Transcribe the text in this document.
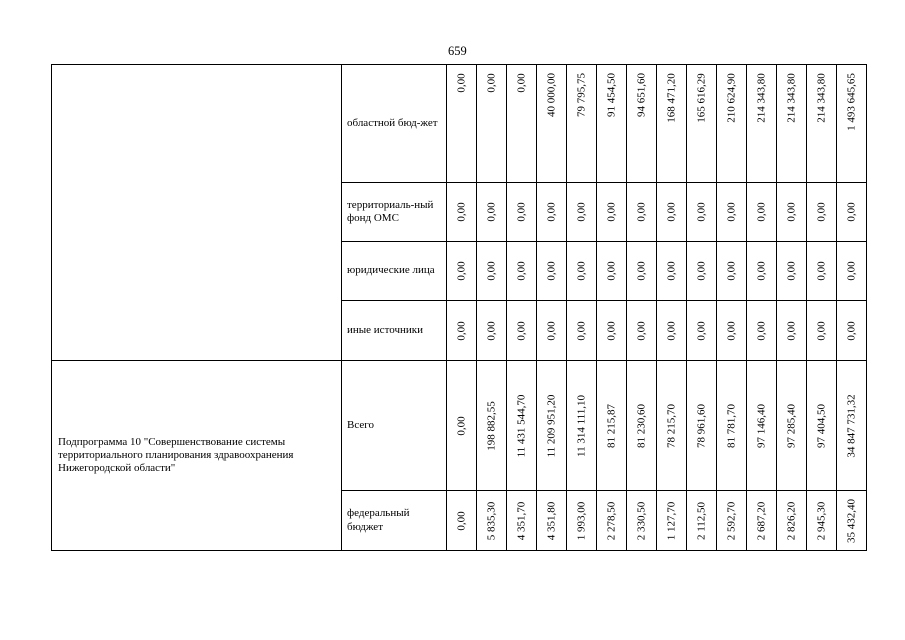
659
	областной бюд-жет	0,00	0,00	0,00	40 000,00	79 795,75	91 454,50	94 651,60	168 471,20	165 616,29	210 624,90	214 343,80	214 343,80	214 343,80	1 493 645,65

	территориаль-ный фонд ОМС	0,00	0,00	0,00	0,00	0,00	0,00	0,00	0,00	0,00	0,00	0,00	0,00	0,00	0,00

	юридические лица	0,00	0,00	0,00	0,00	0,00	0,00	0,00	0,00	0,00	0,00	0,00	0,00	0,00	0,00

	иные источники	0,00	0,00	0,00	0,00	0,00	0,00	0,00	0,00	0,00	0,00	0,00	0,00	0,00	0,00

Подпрограмма 10 "Совершенствование системы территориального планирования здравоохранения Нижегородской области"	Всего	0,00	198 882,55	11 431 544,70	11 209 951,20	11 314 111,10	81 215,87	81 230,60	78 215,70	78 961,60	81 781,70	97 146,40	97 285,40	97 404,50	34 847 731,32

	федеральный бюджет	0,00	5 835,30	4 351,70	4 351,80	1 993,00	2 278,50	2 330,50	1 127,70	2 112,50	2 592,70	2 687,20	2 826,20	2 945,30	35 432,40
